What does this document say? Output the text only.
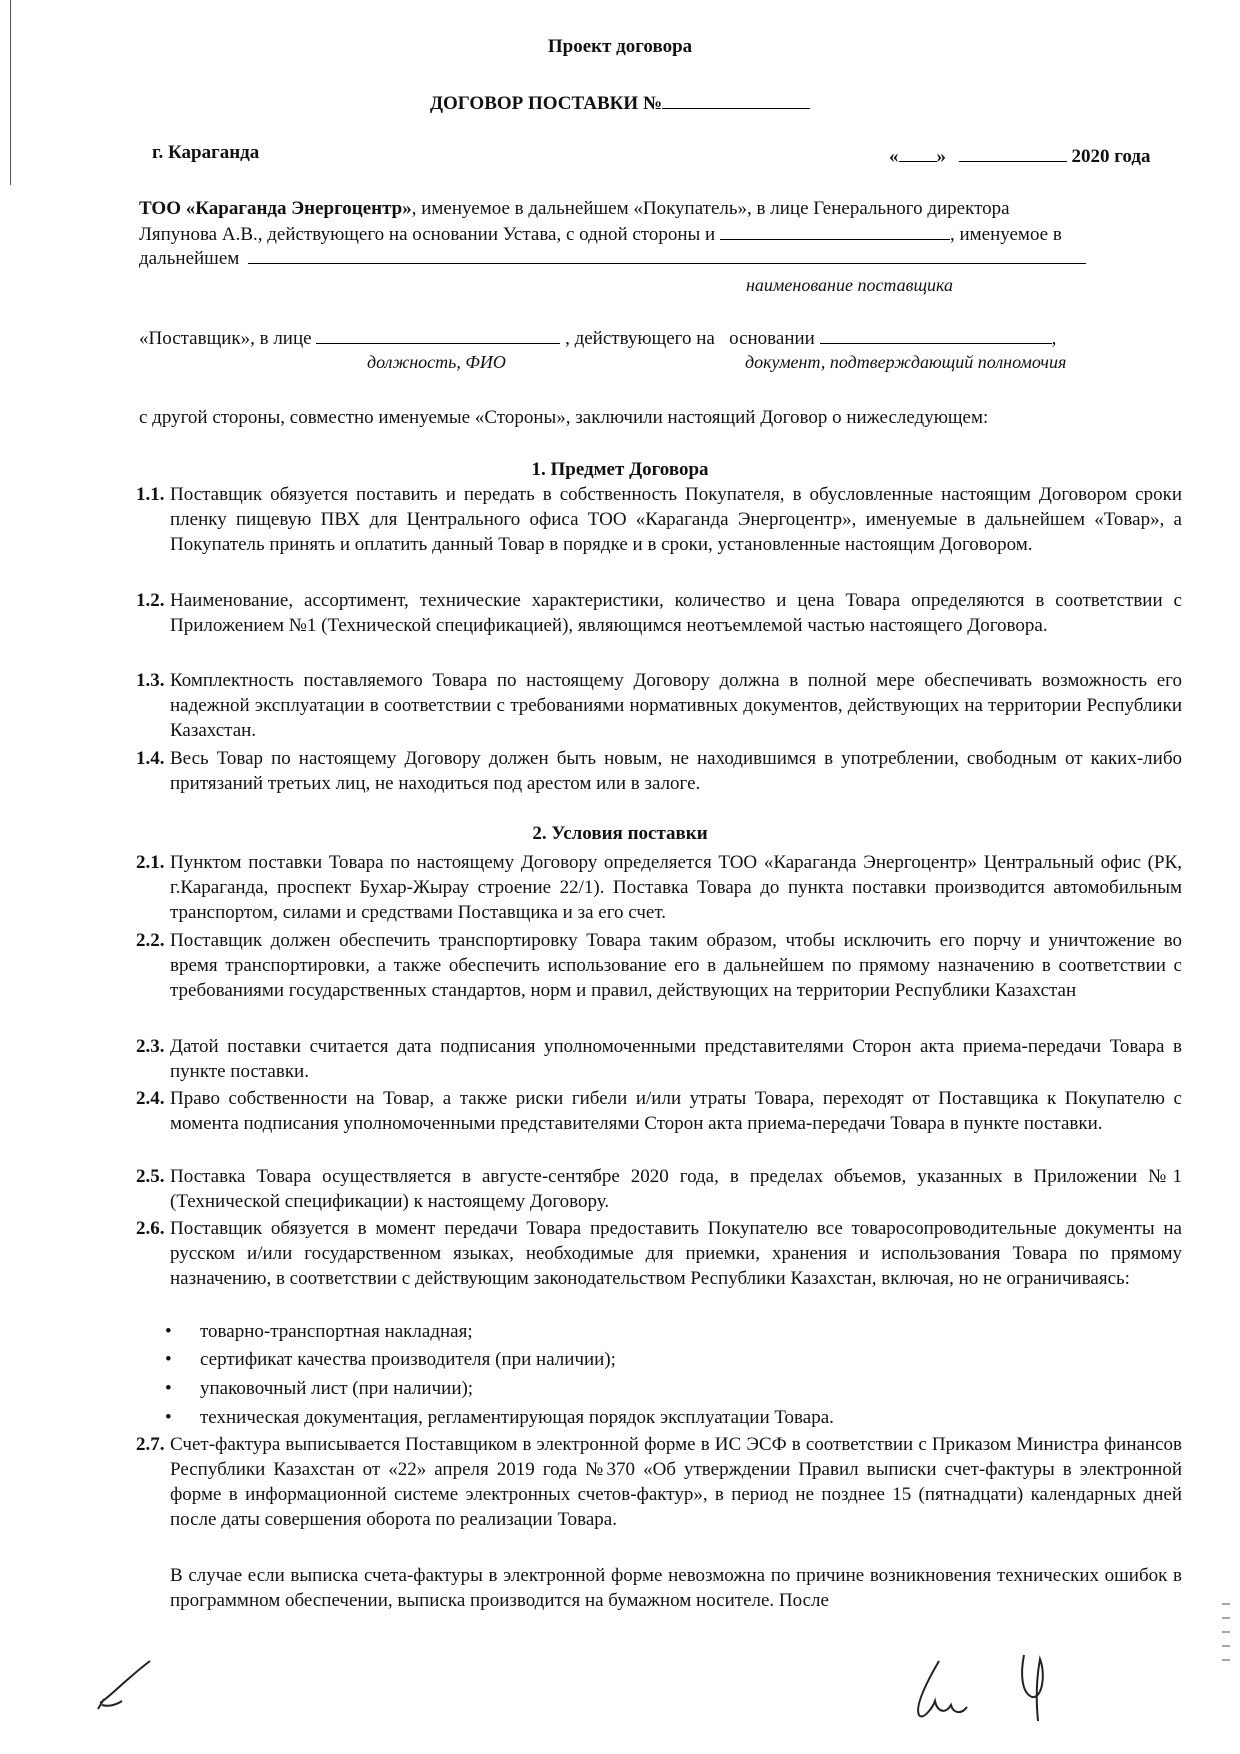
Проект договора
ДОГОВОР ПОСТАВКИ №
г. Караганда	« »	2020 года
ТОО «Караганда Энергоцентр», именуемое в дальнейшем «Покупатель», в лице Генерального директора
Ляпунова А.В., действующего на основании Устава, с одной стороны и	, именуемое в
дальнейшем
наименование поставщика
«Поставщик», в лице	, действующего на основании	,
должность, ФИО	документ, подтверждающий полномочия
с другой стороны, совместно именуемые «Стороны», заключили настоящий Договор о нижеследующем:
1. Предмет Договора
1.1. Поставщик обязуется поставить и передать в собственность Покупателя, в обусловленные настоящим Договором сроки пленку пищевую ПВХ для Центрального офиса ТОО «Караганда Энергоцентр», именуемые в дальнейшем «Товар», а Покупатель принять и оплатить данный Товар в порядке и в сроки, установленные настоящим Договором.
1.2. Наименование, ассортимент, технические характеристики, количество и цена Товара определяются в соответствии с Приложением №1 (Технической спецификацией), являющимся неотъемлемой частью настоящего Договора.
1.3. Комплектность поставляемого Товара по настоящему Договору должна в полной мере обеспечивать возможность его надежной эксплуатации в соответствии с требованиями нормативных документов, действующих на территории Республики Казахстан.
1.4. Весь Товар по настоящему Договору должен быть новым, не находившимся в употреблении, свободным от каких-либо притязаний третьих лиц, не находиться под арестом или в залоге.
2. Условия поставки
2.1. Пунктом поставки Товара по настоящему Договору определяется ТОО «Караганда Энергоцентр» Центральный офис (РК, г.Караганда, проспект Бухар-Жырау строение 22/1). Поставка Товара до пункта поставки производится автомобильным транспортом, силами и средствами Поставщика и за его счет.
2.2. Поставщик должен обеспечить транспортировку Товара таким образом, чтобы исключить его порчу и уничтожение во время транспортировки, а также обеспечить использование его в дальнейшем по прямому назначению в соответствии с требованиями государственных стандартов, норм и правил, действующих на территории Республики Казахстан
2.3. Датой поставки считается дата подписания уполномоченными представителями Сторон акта приема-передачи Товара в пункте поставки.
2.4. Право собственности на Товар, а также риски гибели и/или утраты Товара, переходят от Поставщика к Покупателю с момента подписания уполномоченными представителями Сторон акта приема-передачи Товара в пункте поставки.
2.5. Поставка Товара осуществляется в августе-сентябре 2020 года, в пределах объемов, указанных в Приложении №1 (Технической спецификации) к настоящему Договору.
2.6. Поставщик обязуется в момент передачи Товара предоставить Покупателю все товаросопроводительные документы на русском и/или государственном языках, необходимые для приемки, хранения и использования Товара по прямому назначению, в соответствии с действующим законодательством Республики Казахстан, включая, но не ограничиваясь:
• товарно-транспортная накладная;
• сертификат качества производителя (при наличии);
• упаковочный лист (при наличии);
• техническая документация, регламентирующая порядок эксплуатации Товара.
2.7. Счет-фактура выписывается Поставщиком в электронной форме в ИС ЭСФ в соответствии с Приказом Министра финансов Республики Казахстан от «22» апреля 2019 года №370 «Об утверждении Правил выписки счет-фактуры в электронной форме в информационной системе электронных счетов-фактур», в период не позднее 15 (пятнадцати) календарных дней после даты совершения оборота по реализации Товара.
В случае если выписка счета-фактуры в электронной форме невозможна по причине возникновения технических ошибок в программном обеспечении, выписка производится на бумажном носителе. После
